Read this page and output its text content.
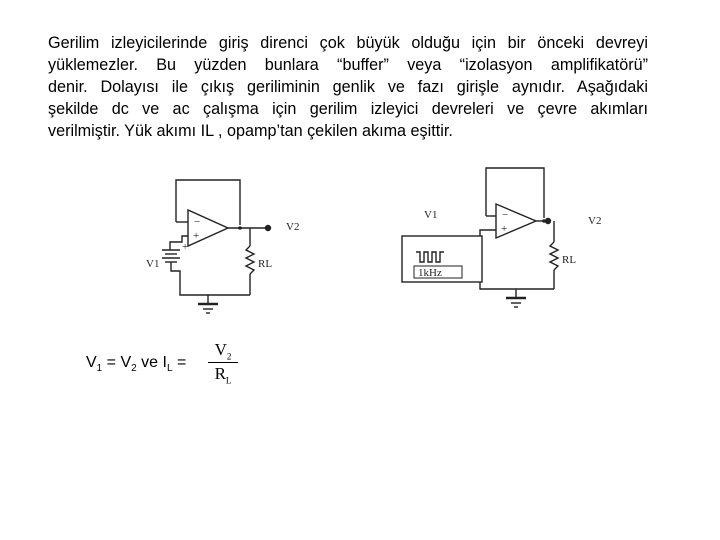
Gerilim izleyicilerinde giriş direnci çok büyük olduğu için bir önceki devreyi
yüklemezler. Bu yüzden bunlara “buffer” veya “izolasyon amplifikatörü”
denir. Dolayısı ile çıkış geriliminin genlik ve fazı girişle aynıdır. Aşağıdaki
şekilde dc ve ac çalışma için gerilim izleyici devreleri ve çevre akımları
verilmiştir. Yük akımı IL , opamp’tan çekilen akıma eşittir.
−
+
+
V1
V2
RL
−
+
V1	V2
RL
1kHz
$V_1 = V_2$ ve $I_L = \frac{V_2}{R_L}$
